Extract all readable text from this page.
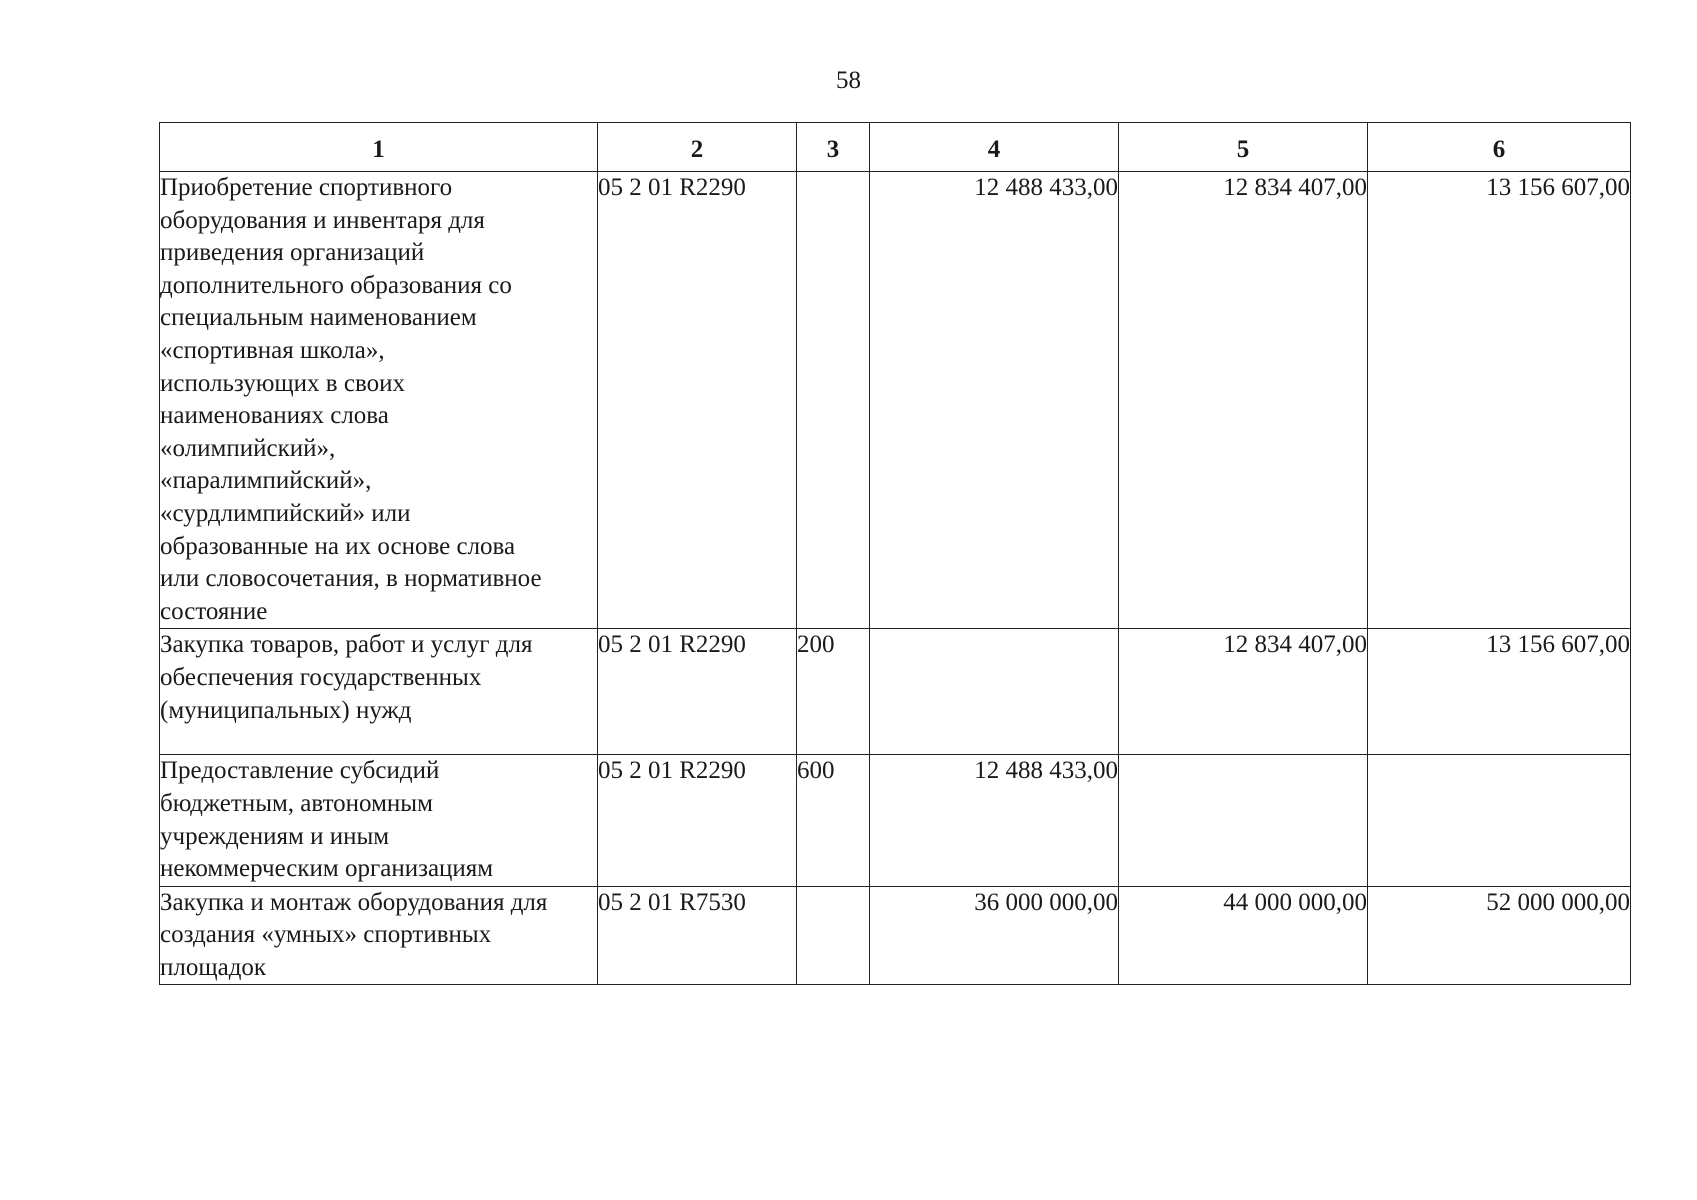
58
1	2	3	4	5	6

Приобретение спортивного оборудования и инвентаря для приведения организаций дополнительного образования со специальным наименованием «спортивная школа», использующих в своих наименованиях слова «олимпийский», «паралимпийский», «сурдлимпийский» или образованные на их основе слова или словосочетания, в нормативное состояние	05 2 01 R2290		12 488 433,00	12 834 407,00	13 156 607,00

Закупка товаров, работ и услуг для обеспечения государственных (муниципальных) нужд	05 2 01 R2290	200		12 834 407,00	13 156 607,00

Предоставление субсидий бюджетным, автономным учреждениям и иным некоммерческим организациям	05 2 01 R2290	600	12 488 433,00		

Закупка и монтаж оборудования для создания «умных» спортивных площадок	05 2 01 R7530		36 000 000,00	44 000 000,00	52 000 000,00
